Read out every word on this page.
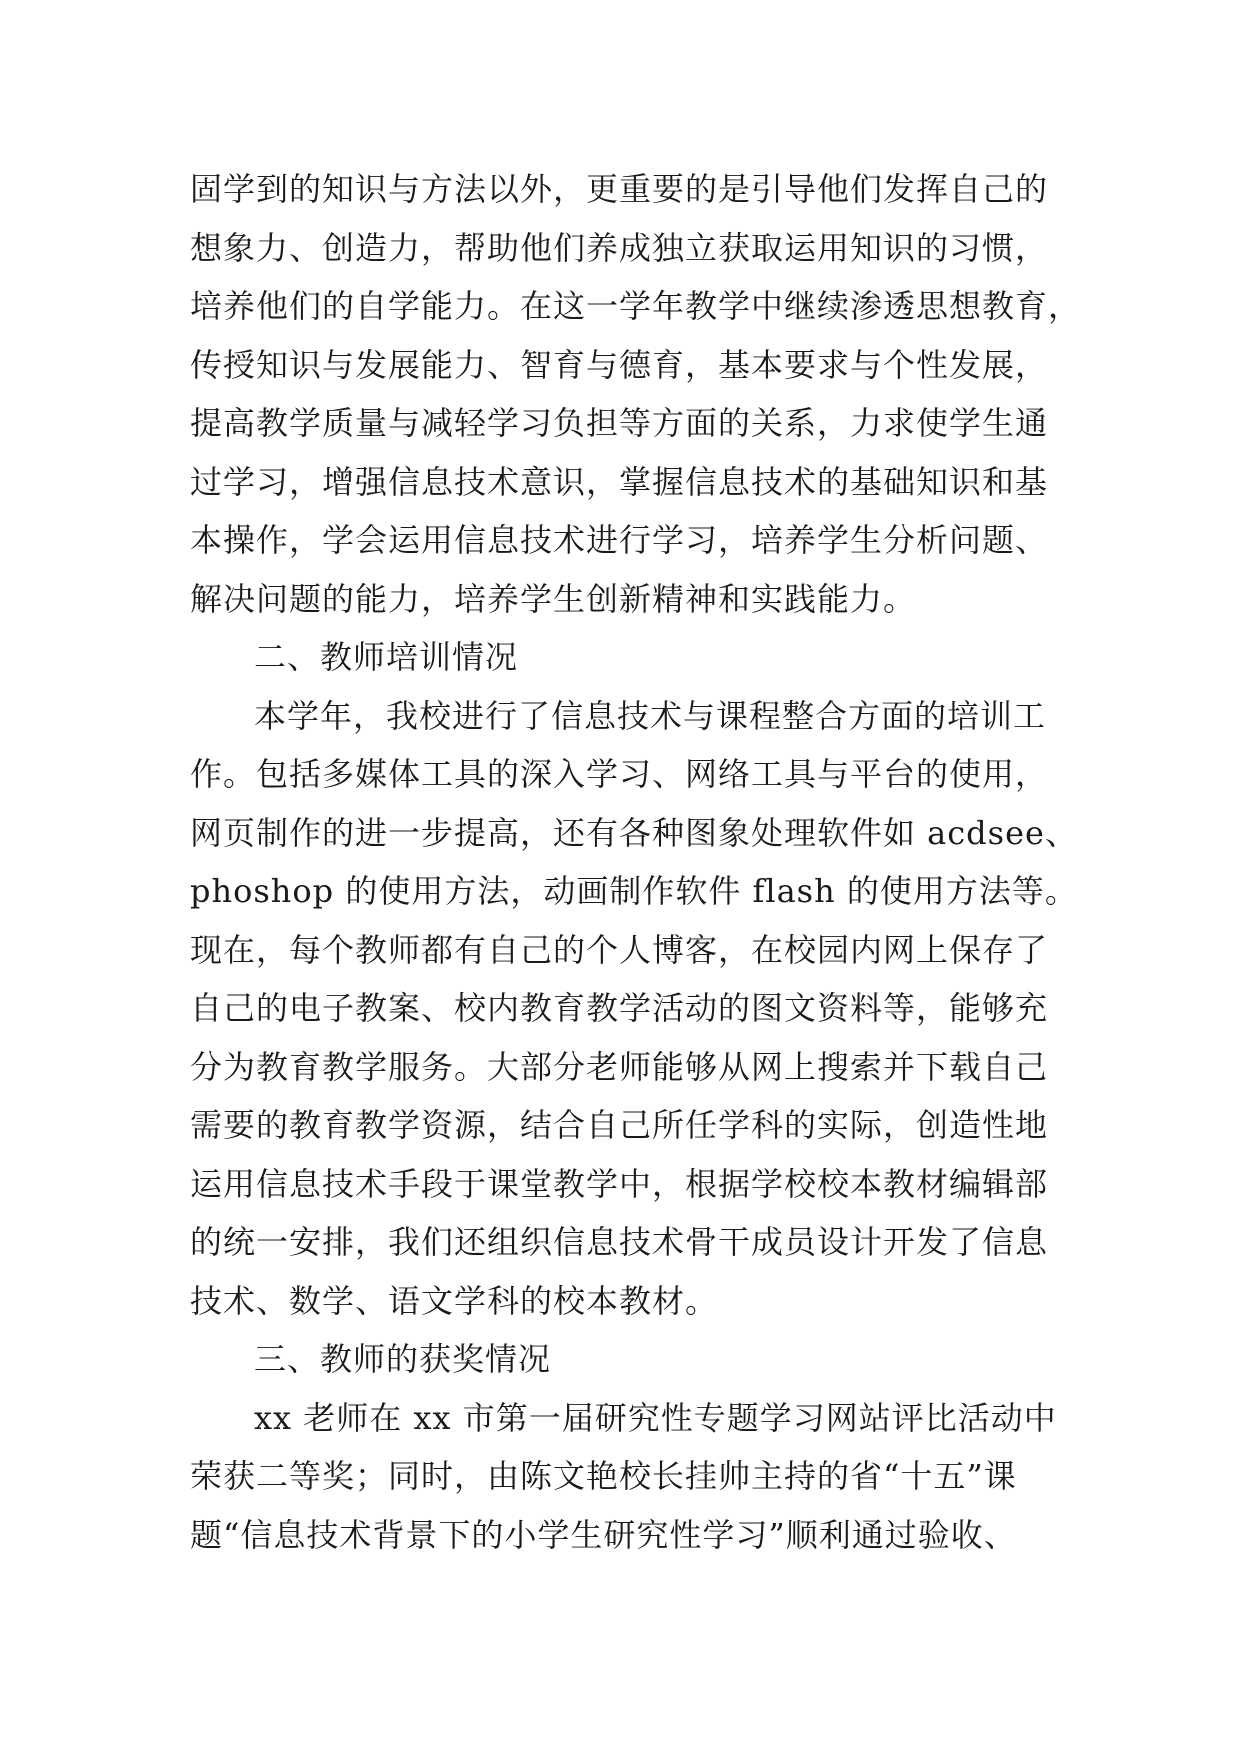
固学到的知识与方法以外，更重要的是引导他们发挥自己的
想象力、创造力，帮助他们养成独立获取运用知识的习惯，
培养他们的自学能力。在这一学年教学中继续渗透思想教育，
传授知识与发展能力、智育与德育，基本要求与个性发展，
提高教学质量与减轻学习负担等方面的关系，力求使学生通
过学习，增强信息技术意识，掌握信息技术的基础知识和基
本操作，学会运用信息技术进行学习，培养学生分析问题、
解决问题的能力，培养学生创新精神和实践能力。
二、教师培训情况
本学年，我校进行了信息技术与课程整合方面的培训工
作。包括多媒体工具的深入学习、网络工具与平台的使用，
网页制作的进一步提高，还有各种图象处理软件如 acdsee、
phoshop 的使用方法，动画制作软件 flash 的使用方法等。
现在，每个教师都有自己的个人博客，在校园内网上保存了
自己的电子教案、校内教育教学活动的图文资料等，能够充
分为教育教学服务。大部分老师能够从网上搜索并下载自己
需要的教育教学资源，结合自己所任学科的实际，创造性地
运用信息技术手段于课堂教学中，根据学校校本教材编辑部
的统一安排，我们还组织信息技术骨干成员设计开发了信息
技术、数学、语文学科的校本教材。
三、教师的获奖情况
xx 老师在 xx 市第一届研究性专题学习网站评比活动中
荣获二等奖；同时，由陈文艳校长挂帅主持的省“十五”课
题“信息技术背景下的小学生研究性学习”顺利通过验收、
